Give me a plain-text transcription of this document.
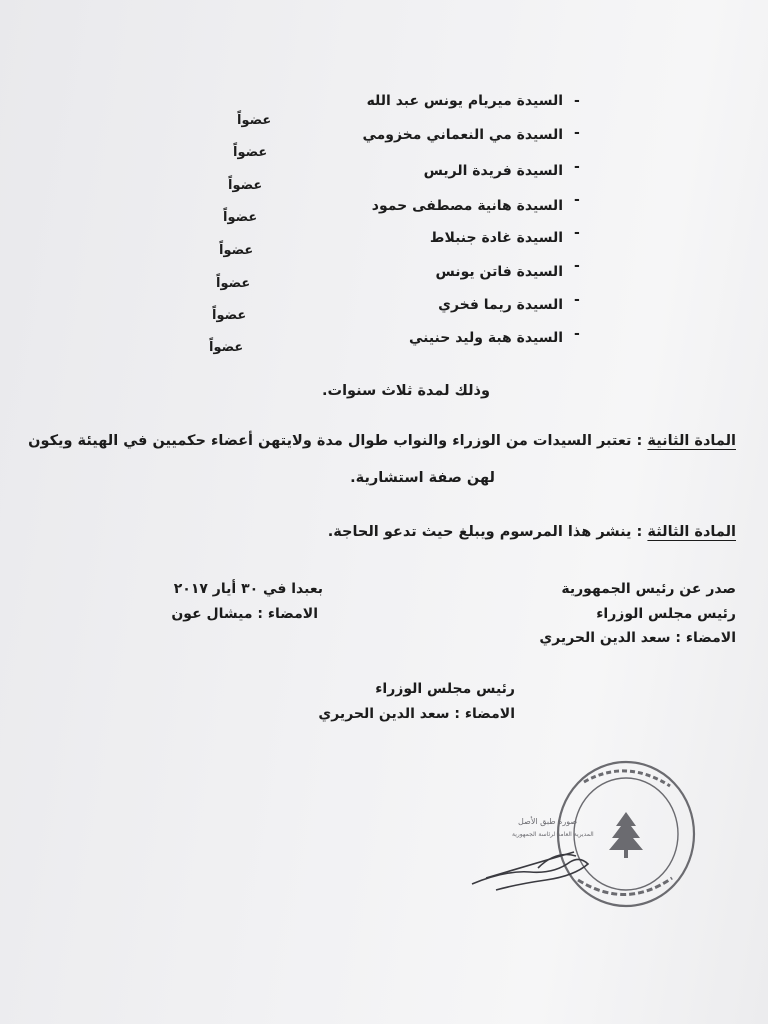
-
السيدة ميريام يونس عبد الله
عضواً
-
السيدة مي النعماني مخزومي
عضواً
-
السيدة فريدة الريس
عضواً
-
السيدة هانية مصطفى حمود
عضواً
-
السيدة غادة جنبلاط
عضواً
-
السيدة فاتن يونس
عضواً
-
السيدة ريما فخري
عضواً
-
السيدة هبة وليد حنيني
عضواً
وذلك لمدة ثلاث سنوات.
المادة الثانية : تعتبر السيدات من الوزراء والنواب طوال مدة ولايتهن أعضاء حكميين في الهيئة ويكون
لهن صفة استشارية.
المادة الثالثة : ينشر هذا المرسوم ويبلغ حيث تدعو الحاجة.
صدر عن رئيس الجمهورية
رئيس مجلس الوزراء
الامضاء : سعد الدين الحريري
بعبدا في ٣٠ أيار ٢٠١٧
الامضاء : ميشال عون
رئيس مجلس الوزراء
الامضاء : سعد الدين الحريري
صورة طبق الأصل
المديرية العامة لرئاسة الجمهورية
